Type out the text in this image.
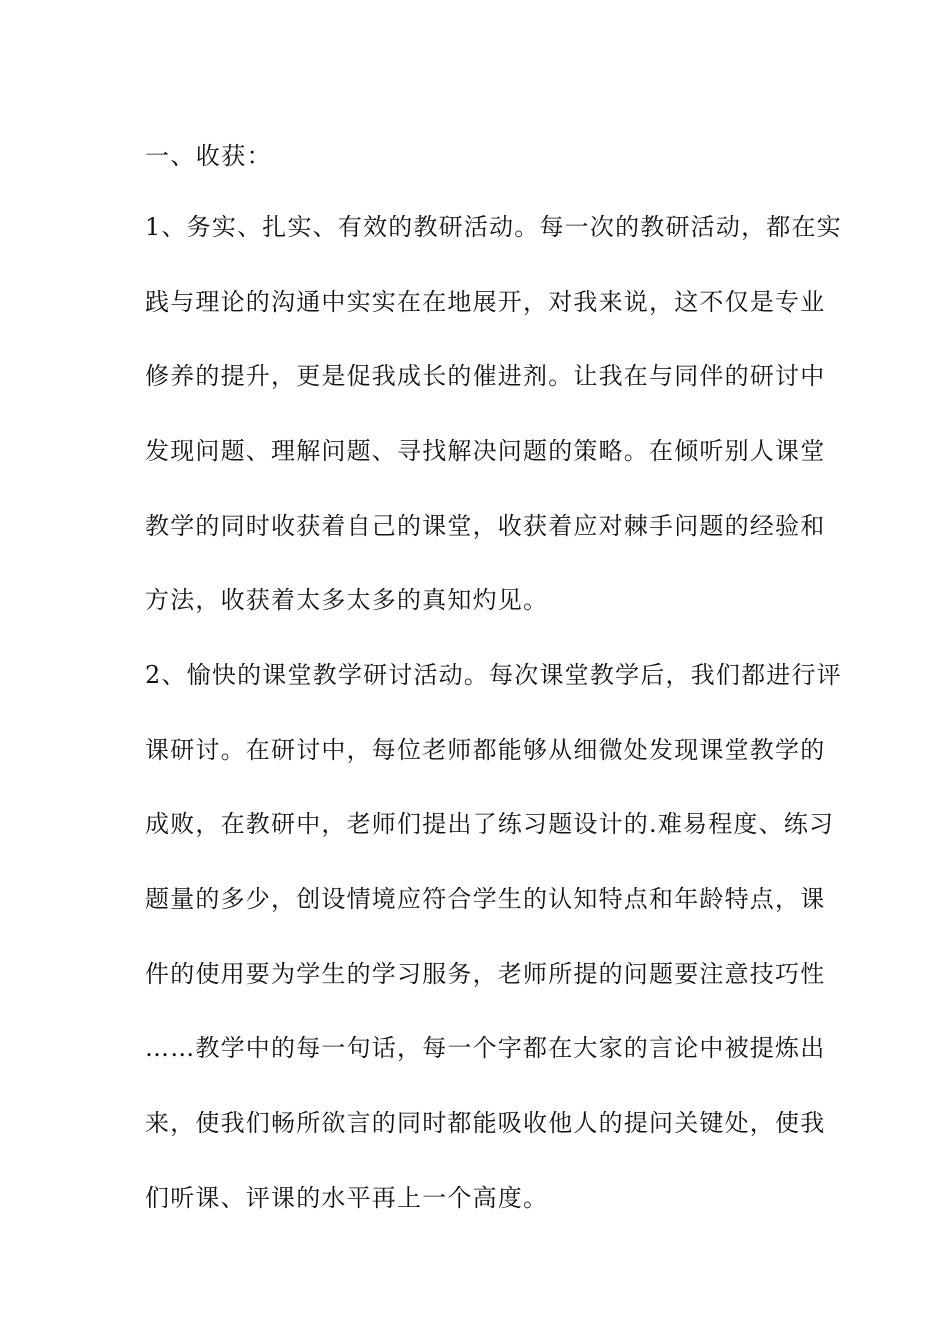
一、收获：
1、务实、扎实、有效的教研活动。每一次的教研活动，都在实
践与理论的沟通中实实在在地展开，对我来说，这不仅是专业
修养的提升，更是促我成长的催进剂。让我在与同伴的研讨中
发现问题、理解问题、寻找解决问题的策略。在倾听别人课堂
教学的同时收获着自己的课堂，收获着应对棘手问题的经验和
方法，收获着太多太多的真知灼见。
2、愉快的课堂教学研讨活动。每次课堂教学后，我们都进行评
课研讨。在研讨中，每位老师都能够从细微处发现课堂教学的
成败，在教研中，老师们提出了练习题设计的.难易程度、练习
题量的多少，创设情境应符合学生的认知特点和年龄特点，课
件的使用要为学生的学习服务，老师所提的问题要注意技巧性
……教学中的每一句话，每一个字都在大家的言论中被提炼出
来，使我们畅所欲言的同时都能吸收他人的提问关键处，使我
们听课、评课的水平再上一个高度。
